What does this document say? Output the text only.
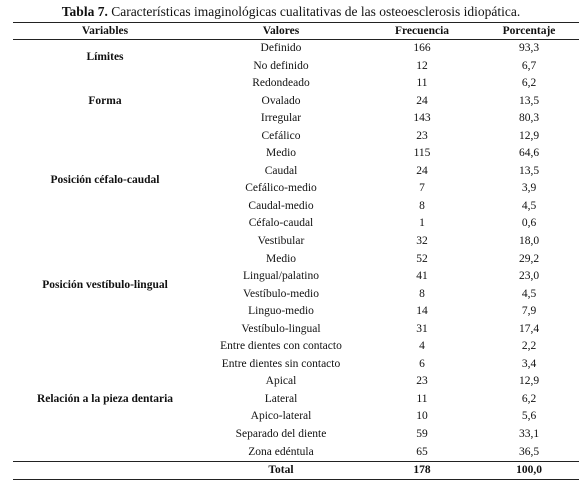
Tabla 7. Características imaginológicas cualitativas de las osteoesclerosis idiopática.
Variables	Valores	Frecuencia	Porcentaje
Límites	Definido	166	93,3
	No definido	12	6,7
Forma	Redondeado	11	6,2
	Ovalado	24	13,5
	Irregular	143	80,3
Posición céfalo-caudal	Cefálico	23	12,9
	Medio	115	64,6
	Caudal	24	13,5
	Cefálico-medio	7	3,9
	Caudal-medio	8	4,5
	Céfalo-caudal	1	0,6
Posición vestíbulo-lingual	Vestibular	32	18,0
	Medio	52	29,2
	Lingual/palatino	41	23,0
	Vestíbulo-medio	8	4,5
	Linguo-medio	14	7,9
	Vestíbulo-lingual	31	17,4
Relación a la pieza dentaria	Entre dientes con contacto	4	2,2
	Entre dientes sin contacto	6	3,4
	Apical	23	12,9
	Lateral	11	6,2
	Apico-lateral	10	5,6
	Separado del diente	59	33,1
	Zona edéntula	65	36,5
	Total	178	100,0
